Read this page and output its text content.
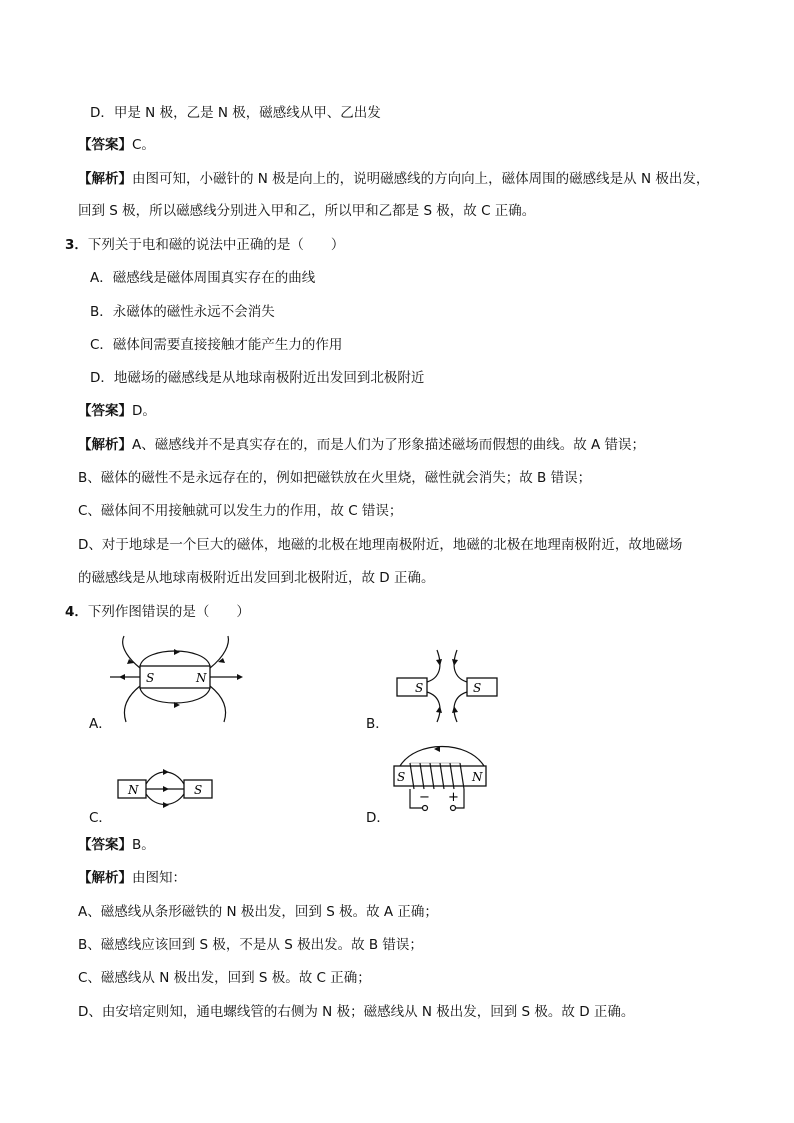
D．甲是 N 极，乙是 N 极，磁感线从甲、乙出发
【答案】C。
【解析】由图可知，小磁针的 N 极是向上的，说明磁感线的方向向上，磁体周围的磁感线是从 N 极出发，
回到 S 极，所以磁感线分别进入甲和乙，所以甲和乙都是 S 极，故 C 正确。
3．下列关于电和磁的说法中正确的是（　　）
A．磁感线是磁体周围真实存在的曲线
B．永磁体的磁性永远不会消失
C．磁体间需要直接接触才能产生力的作用
D．地磁场的磁感线是从地球南极附近出发回到北极附近
【答案】D。
【解析】A、磁感线并不是真实存在的，而是人们为了形象描述磁场而假想的曲线。故 A 错误；
B、磁体的磁性不是永远存在的，例如把磁铁放在火里烧，磁性就会消失；故 B 错误；
C、磁体间不用接触就可以发生力的作用，故 C 错误；
D、对于地球是一个巨大的磁体，地磁的北极在地理南极附近，地磁的北极在地理南极附近，故地磁场
的磁感线是从地球南极附近出发回到北极附近，故 D 正确。
4．下列作图错误的是（　　）
S	N
A．
S	S
B．
N	S
C．
S	N
− +
D．
【答案】B。
【解析】由图知：
A、磁感线从条形磁铁的 N 极出发，回到 S 极。故 A 正确；
B、磁感线应该回到 S 极，不是从 S 极出发。故 B 错误；
C、磁感线从 N 极出发，回到 S 极。故 C 正确；
D、由安培定则知，通电螺线管的右侧为 N 极；磁感线从 N 极出发，回到 S 极。故 D 正确。
